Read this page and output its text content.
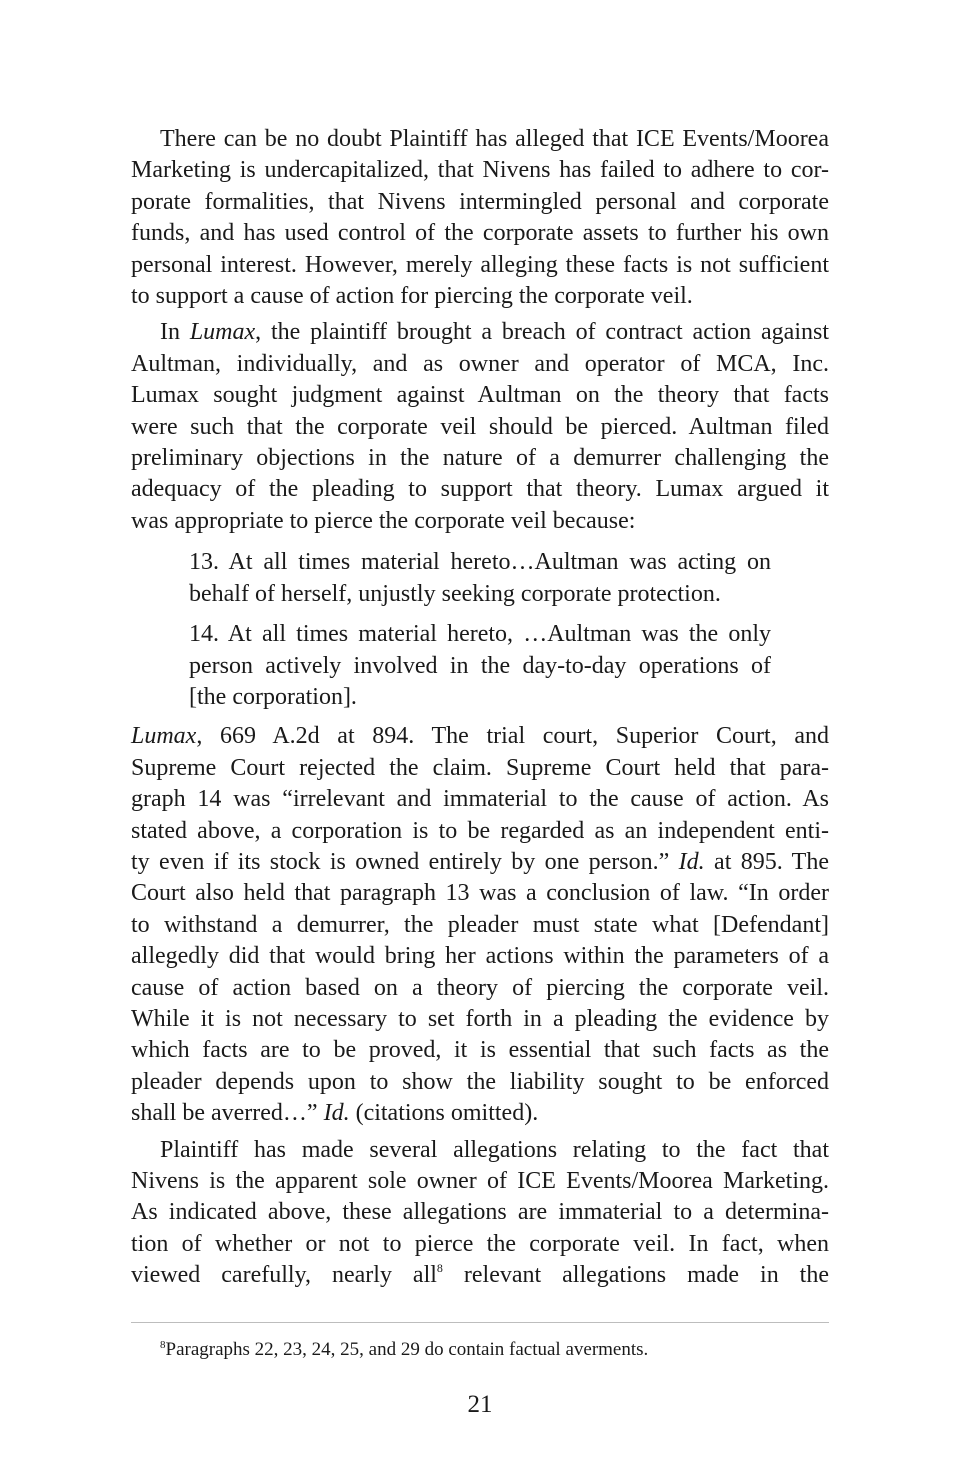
There can be no doubt Plaintiff has alleged that ICE Events/Moorea
Marketing is undercapitalized, that Nivens has failed to adhere to cor-
porate formalities, that Nivens intermingled personal and corporate
funds, and has used control of the corporate assets to further his own
personal interest. However, merely alleging these facts is not sufficient
to support a cause of action for piercing the corporate veil.
In Lumax, the plaintiff brought a breach of contract action against
Aultman, individually, and as owner and operator of MCA, Inc.
Lumax sought judgment against Aultman on the theory that facts
were such that the corporate veil should be pierced. Aultman filed
preliminary objections in the nature of a demurrer challenging the
adequacy of the pleading to support that theory. Lumax argued it
was appropriate to pierce the corporate veil because:
13. At all times material hereto…Aultman was acting on
behalf of herself, unjustly seeking corporate protection.
14. At all times material hereto, …Aultman was the only
person actively involved in the day-to-day operations of
[the corporation].
Lumax, 669 A.2d at 894. The trial court, Superior Court, and
Supreme Court rejected the claim. Supreme Court held that para-
graph 14 was “irrelevant and immaterial to the cause of action. As
stated above, a corporation is to be regarded as an independent enti-
ty even if its stock is owned entirely by one person.” Id. at 895. The
Court also held that paragraph 13 was a conclusion of law. “In order
to withstand a demurrer, the pleader must state what [Defendant]
allegedly did that would bring her actions within the parameters of a
cause of action based on a theory of piercing the corporate veil.
While it is not necessary to set forth in a pleading the evidence by
which facts are to be proved, it is essential that such facts as the
pleader depends upon to show the liability sought to be enforced
shall be averred…” Id. (citations omitted).
Plaintiff has made several allegations relating to the fact that
Nivens is the apparent sole owner of ICE Events/Moorea Marketing.
As indicated above, these allegations are immaterial to a determina-
tion of whether or not to pierce the corporate veil. In fact, when
viewed carefully, nearly all$^8$ relevant allegations made in the
$^8$Paragraphs 22, 23, 24, 25, and 29 do contain factual averments.
21
